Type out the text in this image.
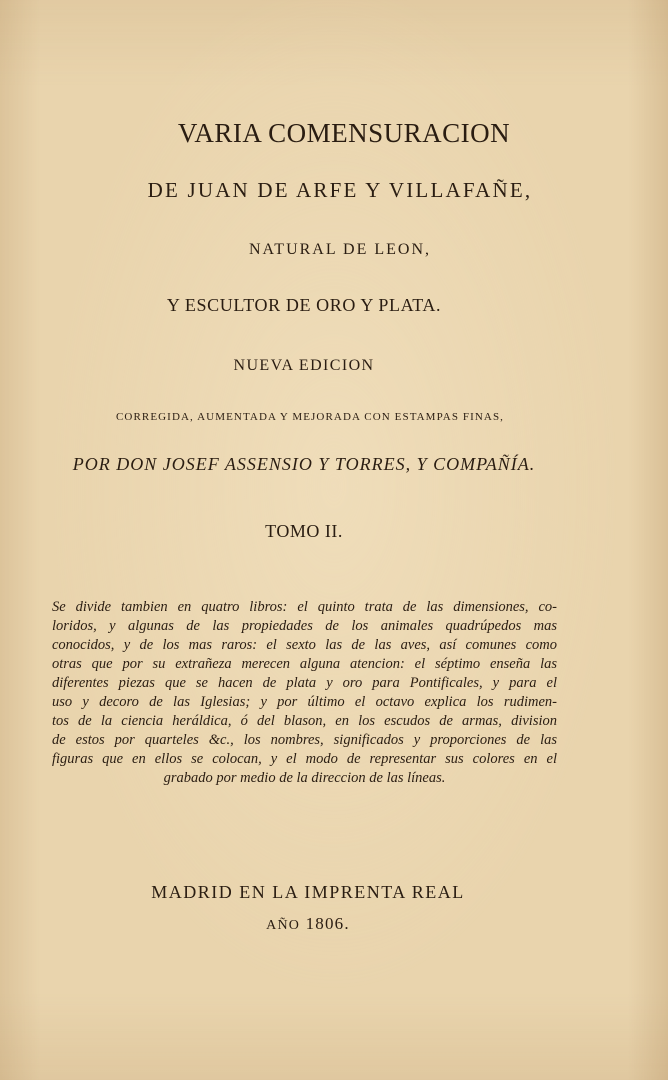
VARIA COMENSURACION
DE JUAN DE ARFE Y VILLAFAÑE,
NATURAL DE LEON,
Y ESCULTOR DE ORO Y PLATA.
NUEVA EDICION
CORREGIDA, AUMENTADA Y MEJORADA CON ESTAMPAS FINAS,
POR DON JOSEF ASSENSIO Y TORRES, Y COMPAÑÍA.
TOMO II.
Se divide tambien en quatro libros: el quinto trata de las dimensiones, co-
loridos, y algunas de las propiedades de los animales quadrúpedos mas
conocidos, y de los mas raros: el sexto las de las aves, así comunes como
otras que por su extrañeza merecen alguna atencion: el séptimo enseña las
diferentes piezas que se hacen de plata y oro para Pontificales, y para el
uso y decoro de las Iglesias; y por último el octavo explica los rudimen-
tos de la ciencia heráldica, ó del blason, en los escudos de armas, division
de estos por quarteles &c., los nombres, significados y proporciones de las
figuras que en ellos se colocan, y el modo de representar sus colores en el
grabado por medio de la direccion de las líneas.
MADRID EN LA IMPRENTA REAL
AÑO 1806.
